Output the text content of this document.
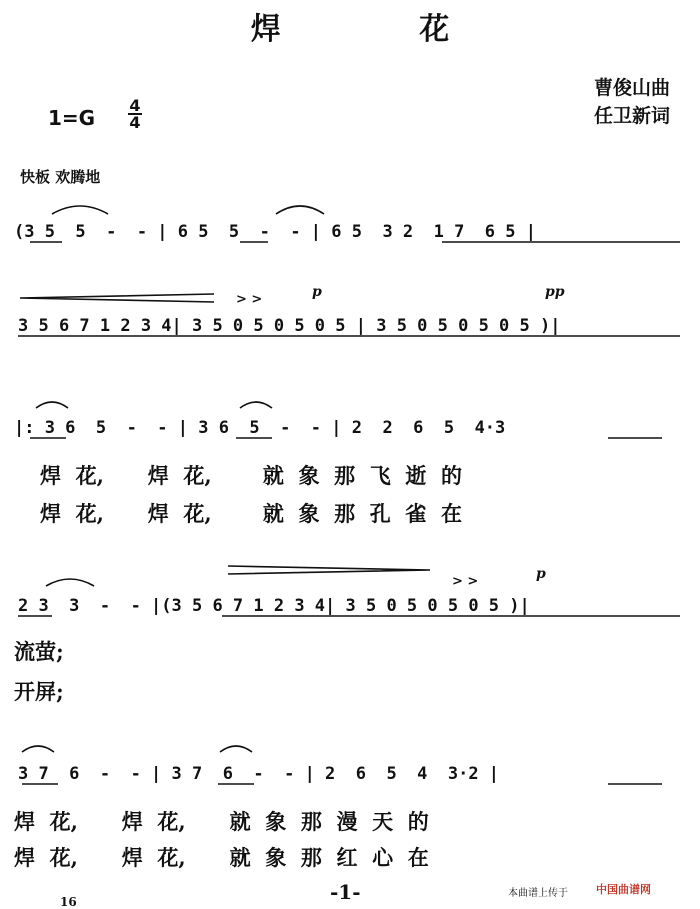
焊 花
1=G
4
4
曹俊山曲
任卫新词
快板 欢腾地
(3 5  5  -  - | 6 5  5  -  - | 6 5  3 2  1 7  6 5 |
p	pp
> >
3 5 6 7 1 2 3 4| 3 5 0 5 0 5 0 5 | 3 5 0 5 0 5 0 5 )|
|: 3 6  5  -  - | 3 6  5  -  - | 2  2  6  5  4·3
焊  花,      焊  花,       就  象  那  飞  逝  的
焊  花,      焊  花,       就  象  那  孔  雀  在
p
> >
2 3  3  -  - |(3 5 6 7 1 2 3 4| 3 5 0 5 0 5 0 5 )|
流萤;
开屏;
3 7  6  -  - | 3 7  6  -  - | 2  6  5  4  3·2 |
焊  花,      焊  花,      就  象  那  漫  天  的
焊  花,      焊  花,      就  象  那  红  心  在
-1-	本曲谱上传于	中国曲谱网
16
